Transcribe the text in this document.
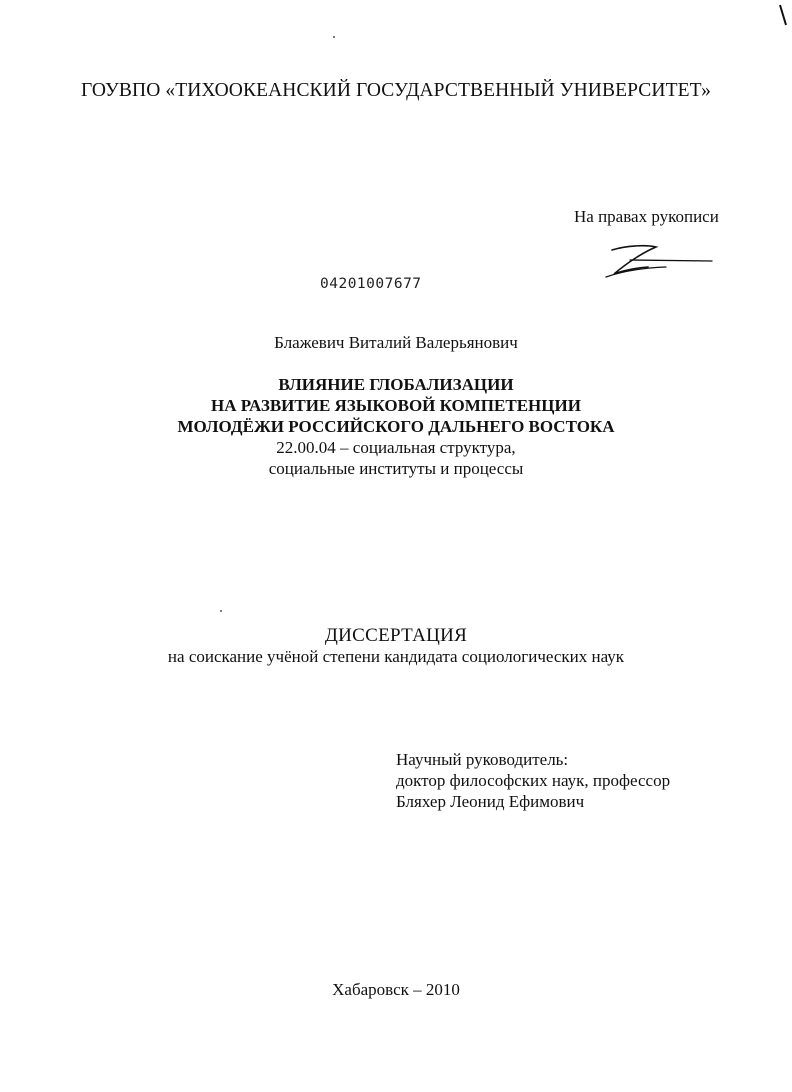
ГОУВПО «ТИХООКЕАНСКИЙ ГОСУДАРСТВЕННЫЙ УНИВЕРСИТЕТ»
На правах рукописи
04201007677
Блажевич Виталий Валерьянович
ВЛИЯНИЕ ГЛОБАЛИЗАЦИИ
НА РАЗВИТИЕ ЯЗЫКОВОЙ КОМПЕТЕНЦИИ
МОЛОДЁЖИ РОССИЙСКОГО ДАЛЬНЕГО ВОСТОКА
22.00.04 – социальная структура,
социальные институты и процессы
ДИССЕРТАЦИЯ
на соискание учёной степени кандидата социологических наук
Научный руководитель:
доктор философских наук, профессор
Бляхер Леонид Ефимович
Хабаровск – 2010
